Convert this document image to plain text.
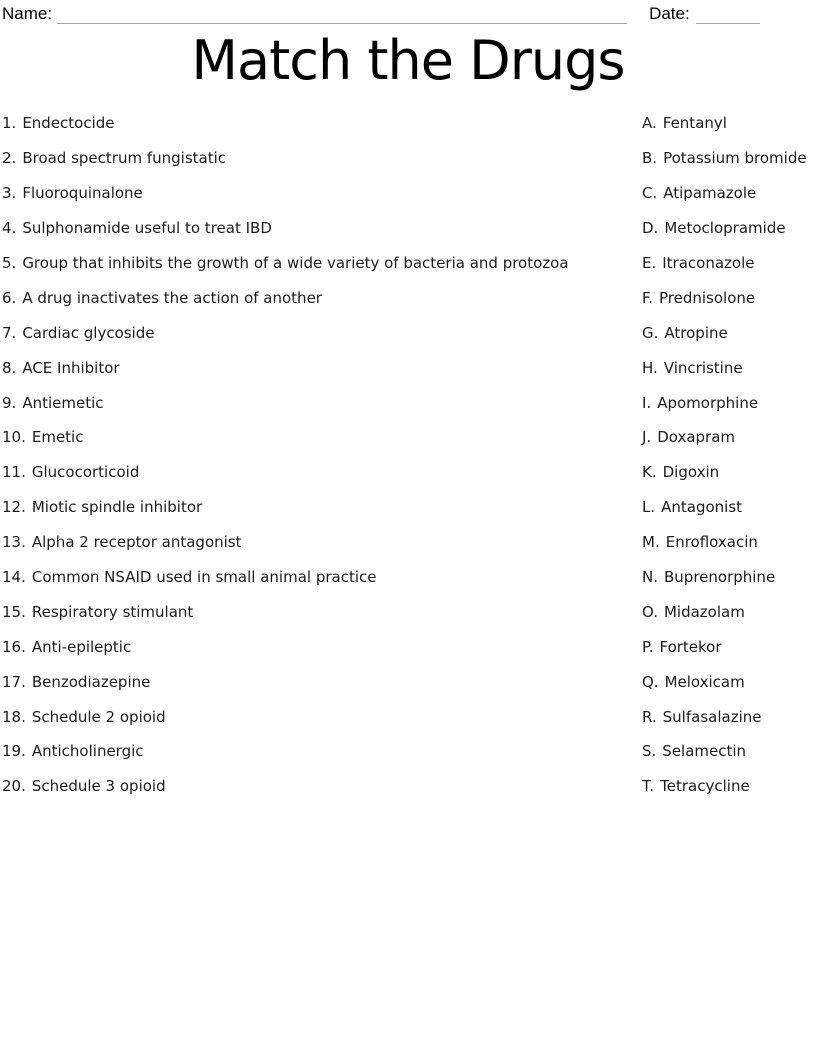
Name:	Date:
Match the Drugs
1. Endectocide
2. Broad spectrum fungistatic
3. Fluoroquinalone
4. Sulphonamide useful to treat IBD
5. Group that inhibits the growth of a wide variety of bacteria and protozoa
6. A drug inactivates the action of another
7. Cardiac glycoside
8. ACE Inhibitor
9. Antiemetic
10. Emetic
11. Glucocorticoid
12. Miotic spindle inhibitor
13. Alpha 2 receptor antagonist
14. Common NSAID used in small animal practice
15. Respiratory stimulant
16. Anti-epileptic
17. Benzodiazepine
18. Schedule 2 opioid
19. Anticholinergic
20. Schedule 3 opioid
A. Fentanyl
B. Potassium bromide
C. Atipamazole
D. Metoclopramide
E. Itraconazole
F. Prednisolone
G. Atropine
H. Vincristine
I. Apomorphine
J. Doxapram
K. Digoxin
L. Antagonist
M. Enrofloxacin
N. Buprenorphine
O. Midazolam
P. Fortekor
Q. Meloxicam
R. Sulfasalazine
S. Selamectin
T. Tetracycline
